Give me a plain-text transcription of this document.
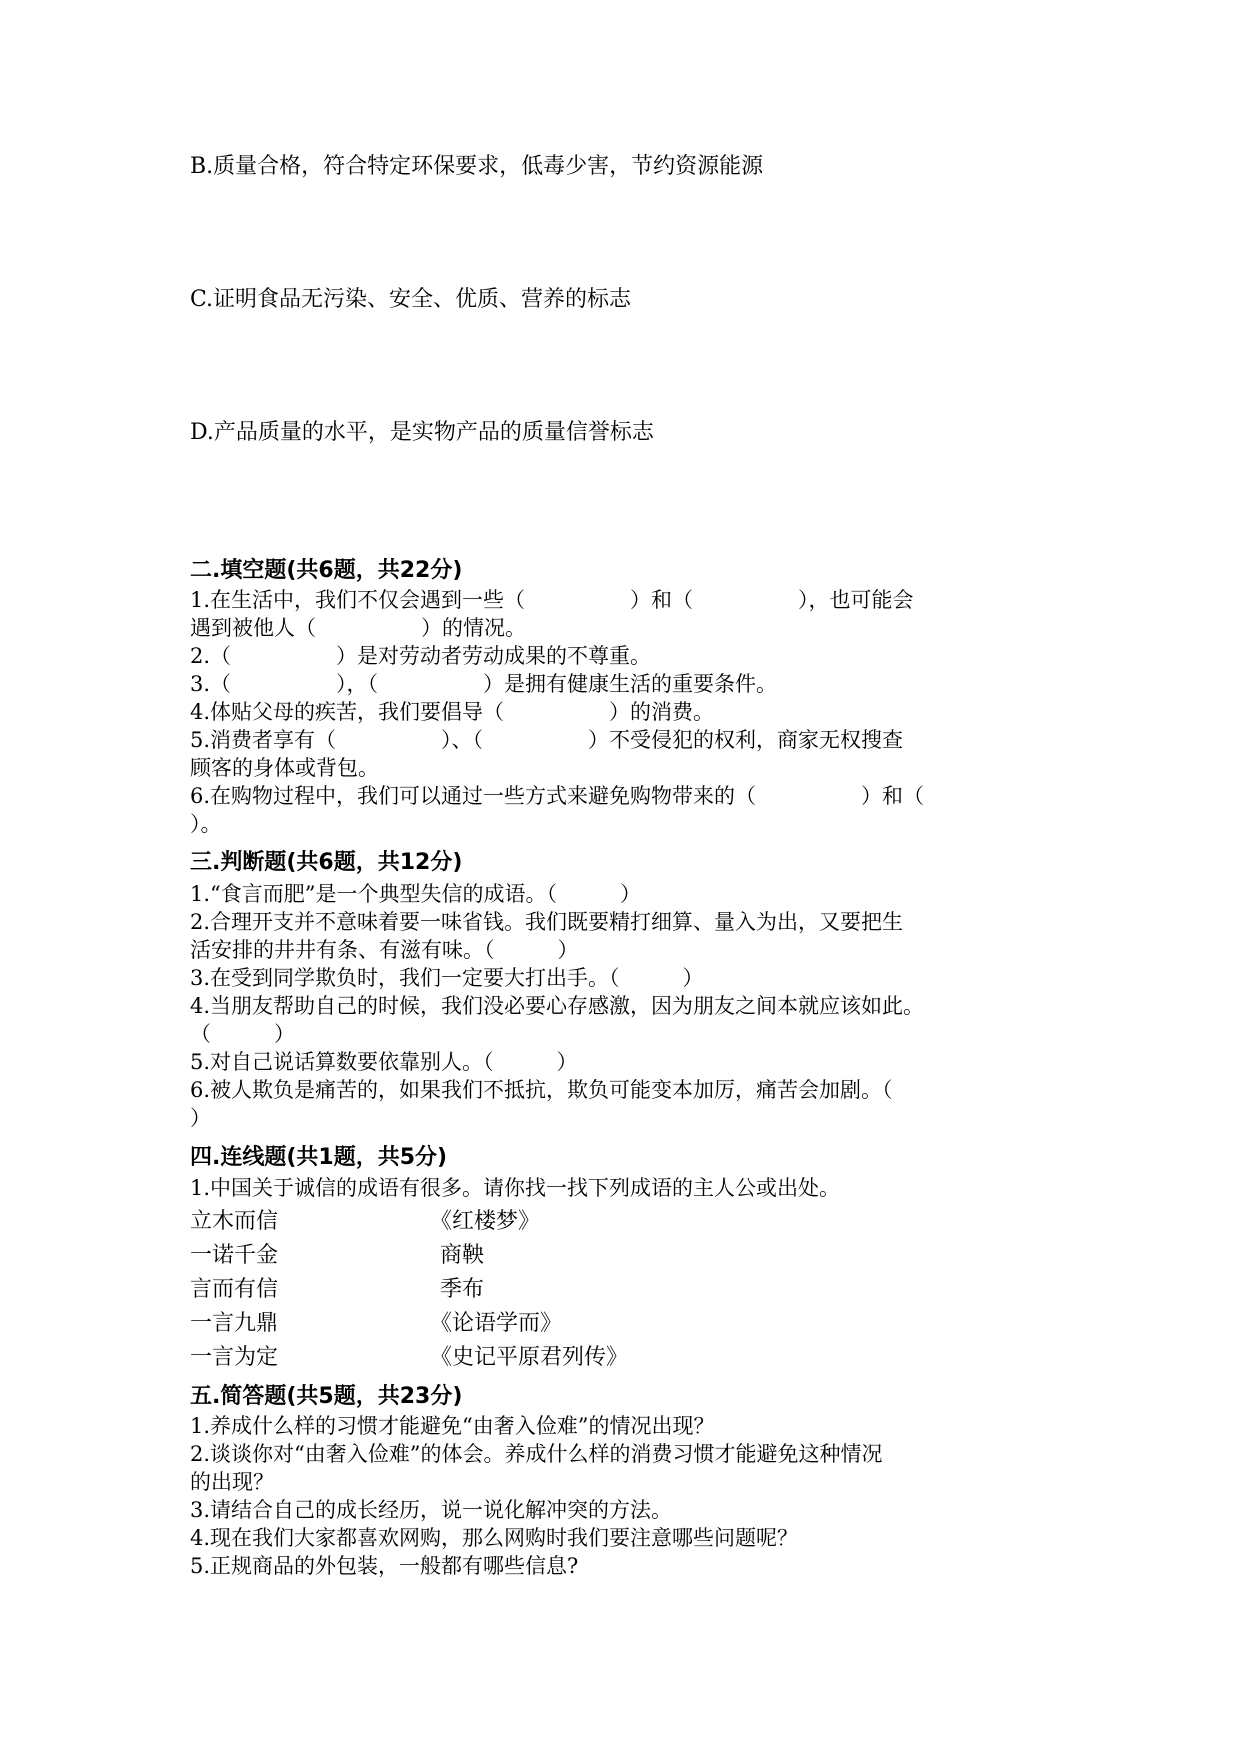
B.质量合格，符合特定环保要求，低毒少害，节约资源能源
C.证明食品无污染、安全、优质、营养的标志
D.产品质量的水平，是实物产品的质量信誉标志
二.填空题(共6题，共22分)
1.在生活中，我们不仅会遇到一些（　　　　　）和（　　　　　），也可能会
遇到被他人（　　　　　）的情况。
2.（　　　　　）是对劳动者劳动成果的不尊重。
3.（　　　　　），（　　　　　）是拥有健康生活的重要条件。
4.体贴父母的疾苦，我们要倡导（　　　　　）的消费。
5.消费者享有（　　　　　）、（　　　　　）不受侵犯的权利，商家无权搜查
顾客的身体或背包。
6.在购物过程中，我们可以通过一些方式来避免购物带来的（　　　　　）和（
）。
三.判断题(共6题，共12分)
1.“食言而肥”是一个典型失信的成语。（　　　）
2.合理开支并不意味着要一味省钱。我们既要精打细算、量入为出，又要把生
活安排的井井有条、有滋有味。（　　　）
3.在受到同学欺负时，我们一定要大打出手。（　　　）
4.当朋友帮助自己的时候，我们没必要心存感激，因为朋友之间本就应该如此。
（　　　）
5.对自己说话算数要依靠别人。（　　　）
6.被人欺负是痛苦的，如果我们不抵抗，欺负可能变本加厉，痛苦会加剧。（
）
四.连线题(共1题，共5分)
1.中国关于诚信的成语有很多。请你找一找下列成语的主人公或出处。
立木而信	《红楼梦》
一诺千金	商鞅
言而有信	季布
一言九鼎	《论语学而》
一言为定	《史记平原君列传》
五.简答题(共5题，共23分)
1.养成什么样的习惯才能避免“由奢入俭难”的情况出现？
2.谈谈你对“由奢入俭难”的体会。养成什么样的消费习惯才能避免这种情况
的出现？
3.请结合自己的成长经历，说一说化解冲突的方法。
4.现在我们大家都喜欢网购，那么网购时我们要注意哪些问题呢？
5.正规商品的外包装，一般都有哪些信息?
